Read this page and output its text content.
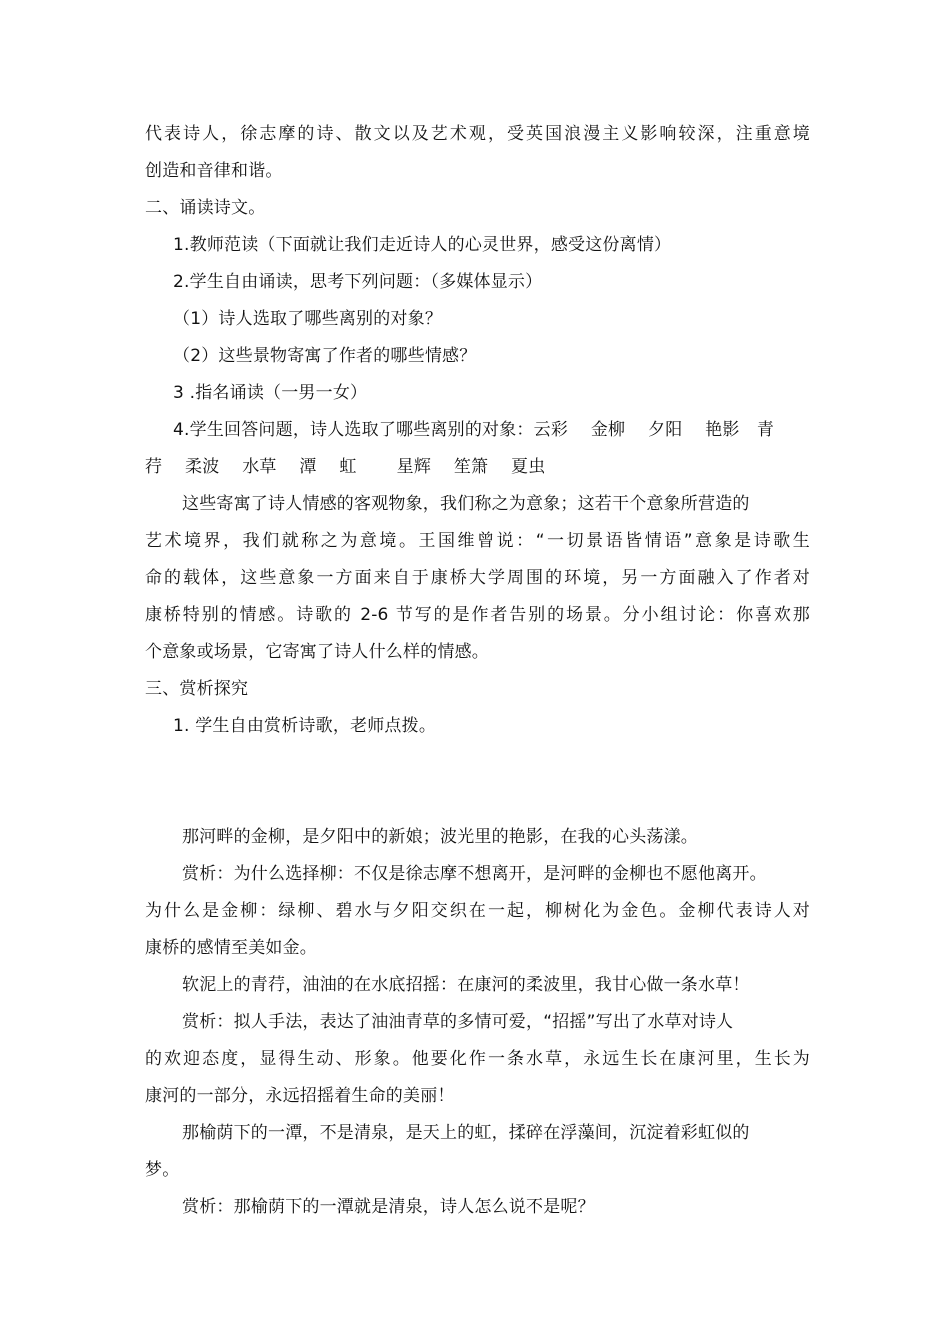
代表诗人，徐志摩的诗、散文以及艺术观，受英国浪漫主义影响较深，注重意境
创造和音律和谐。
二、诵读诗文。
1.教师范读（下面就让我们走近诗人的心灵世界，感受这份离情）
2.学生自由诵读，思考下列问题：（多媒体显示）
（1）诗人选取了哪些离别的对象？
（2）这些景物寄寓了作者的哪些情感？
3 .指名诵读（一男一女）
4.学生回答问题，诗人选取了哪些离别的对象：云彩　 金柳　 夕阳　 艳影　青
荇　 柔波　 水草　 潭　 虹　　 星辉　 笙箫　 夏虫
这些寄寓了诗人情感的客观物象，我们称之为意象；这若干个意象所营造的
艺术境界，我们就称之为意境。王国维曾说：“一切景语皆情语”意象是诗歌生
命的载体，这些意象一方面来自于康桥大学周围的环境，另一方面融入了作者对
康桥特别的情感。诗歌的 2-6 节写的是作者告别的场景。分小组讨论：你喜欢那
个意象或场景，它寄寓了诗人什么样的情感。
三、赏析探究
1. 学生自由赏析诗歌，老师点拨。
那河畔的金柳，是夕阳中的新娘；波光里的艳影，在我的心头荡漾。
赏析：为什么选择柳：不仅是徐志摩不想离开，是河畔的金柳也不愿他离开。
为什么是金柳：绿柳、碧水与夕阳交织在一起，柳树化为金色。金柳代表诗人对
康桥的感情至美如金。
软泥上的青荇，油油的在水底招摇：在康河的柔波里，我甘心做一条水草！
赏析：拟人手法，表达了油油青草的多情可爱，“招摇”写出了水草对诗人
的欢迎态度，显得生动、形象。他要化作一条水草，永远生长在康河里，生长为
康河的一部分，永远招摇着生命的美丽！
那榆荫下的一潭，不是清泉，是天上的虹，揉碎在浮藻间，沉淀着彩虹似的
梦。
赏析：那榆荫下的一潭就是清泉，诗人怎么说不是呢？
